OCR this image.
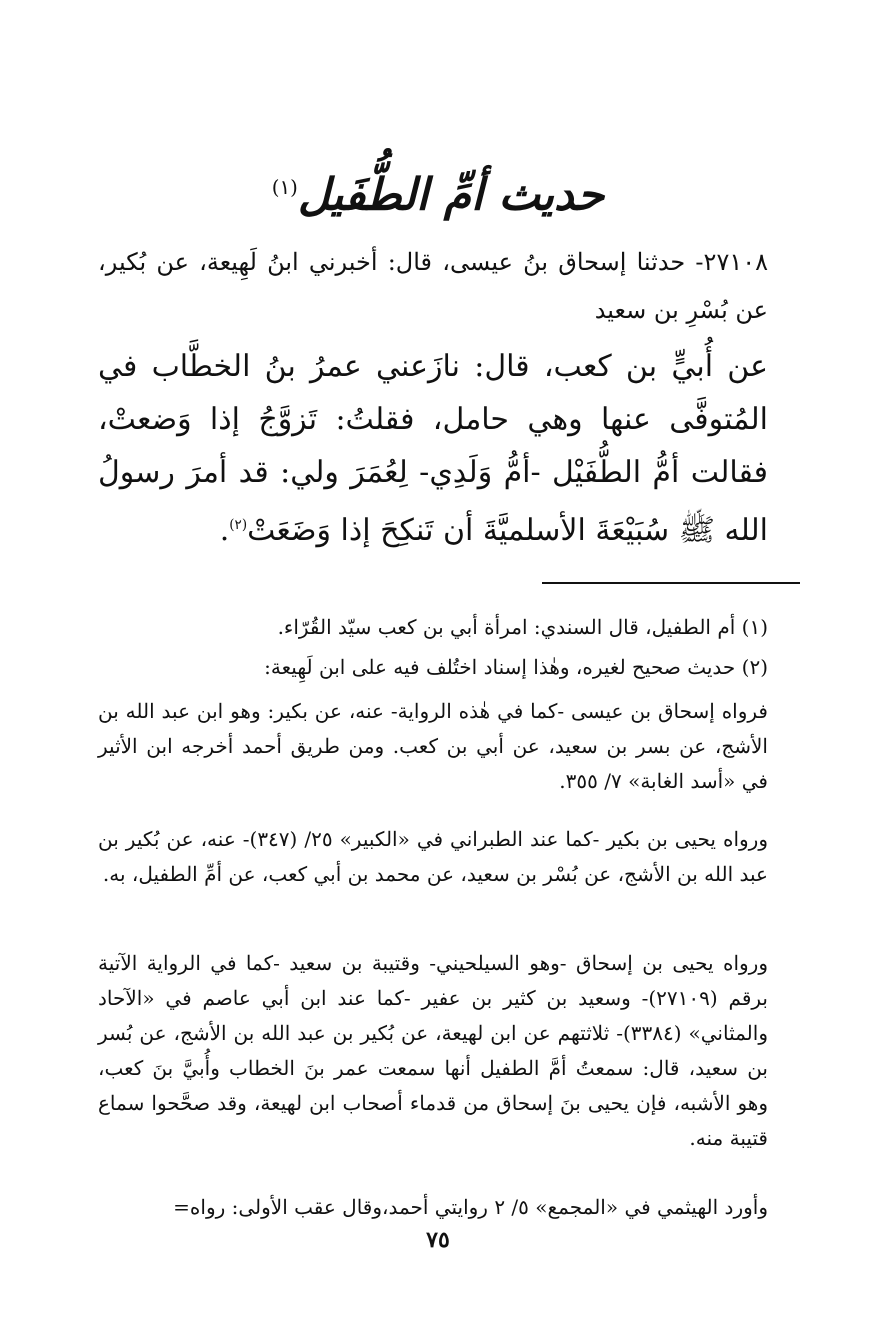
حديث أمِّ الطُّفَيل$^{(١)}$
٢٧١٠٨- حدثنا إسحاق بنُ عيسى، قال: أخبرني ابنُ لَهِيعة، عن بُكير، عن بُسْرِ بن سعيد
عن أُبيٍّ بن كعب، قال: نازَعني عمرُ بنُ الخطَّاب في المُتوفَّى عنها وهي حامل، فقلتُ: تَزوَّجُ إذا وَضعتْ، فقالت أمُّ الطُّفَيْل -أمُّ وَلَدِي- لِعُمَرَ ولي: قد أمرَ رسولُ الله ﷺ سُبَيْعَةَ الأسلميَّةَ أن تَنكِحَ إذا وَضَعَتْ$^{(٢)}$.
(١) أم الطفيل، قال السندي: امرأة أبي بن كعب سيّد القُرّاء.
(٢) حديث صحيح لغيره، وهٰذا إسناد اختُلف فيه على ابن لَهِيعة:
فرواه إسحاق بن عيسى -كما في هٰذه الرواية- عنه، عن بكير: وهو ابن عبد الله بن الأشج، عن بسر بن سعيد، عن أبي بن كعب. ومن طريق أحمد أخرجه ابن الأثير في «أسد الغابة» ٧/ ٣٥٥.
ورواه يحيى بن بكير -كما عند الطبراني في «الكبير» ٢٥/ (٣٤٧)- عنه، عن بُكير بن عبد الله بن الأشج، عن بُسْر بن سعيد، عن محمد بن أبي كعب، عن أمِّ الطفيل، به.
ورواه يحيى بن إسحاق -وهو السيلحيني- وقتيبة بن سعيد -كما في الرواية الآتية برقم (٢٧١٠٩)- وسعيد بن كثير بن عفير -كما عند ابن أبي عاصم في «الآحاد والمثاني» (٣٣٨٤)- ثلاثتهم عن ابن لهيعة، عن بُكير بن عبد الله بن الأشج، عن بُسر بن سعيد، قال: سمعتُ أمَّ الطفيل أنها سمعت عمر بنَ الخطاب وأُبيَّ بنَ كعب، وهو الأشبه، فإن يحيى بنَ إسحاق من قدماء أصحاب ابن لهيعة، وقد صحَّحوا سماع قتيبة منه.
وأورد الهيثمي في «المجمع» ٥/ ٢ روايتي أحمد،وقال عقب الأولى: رواه=
٧٥
